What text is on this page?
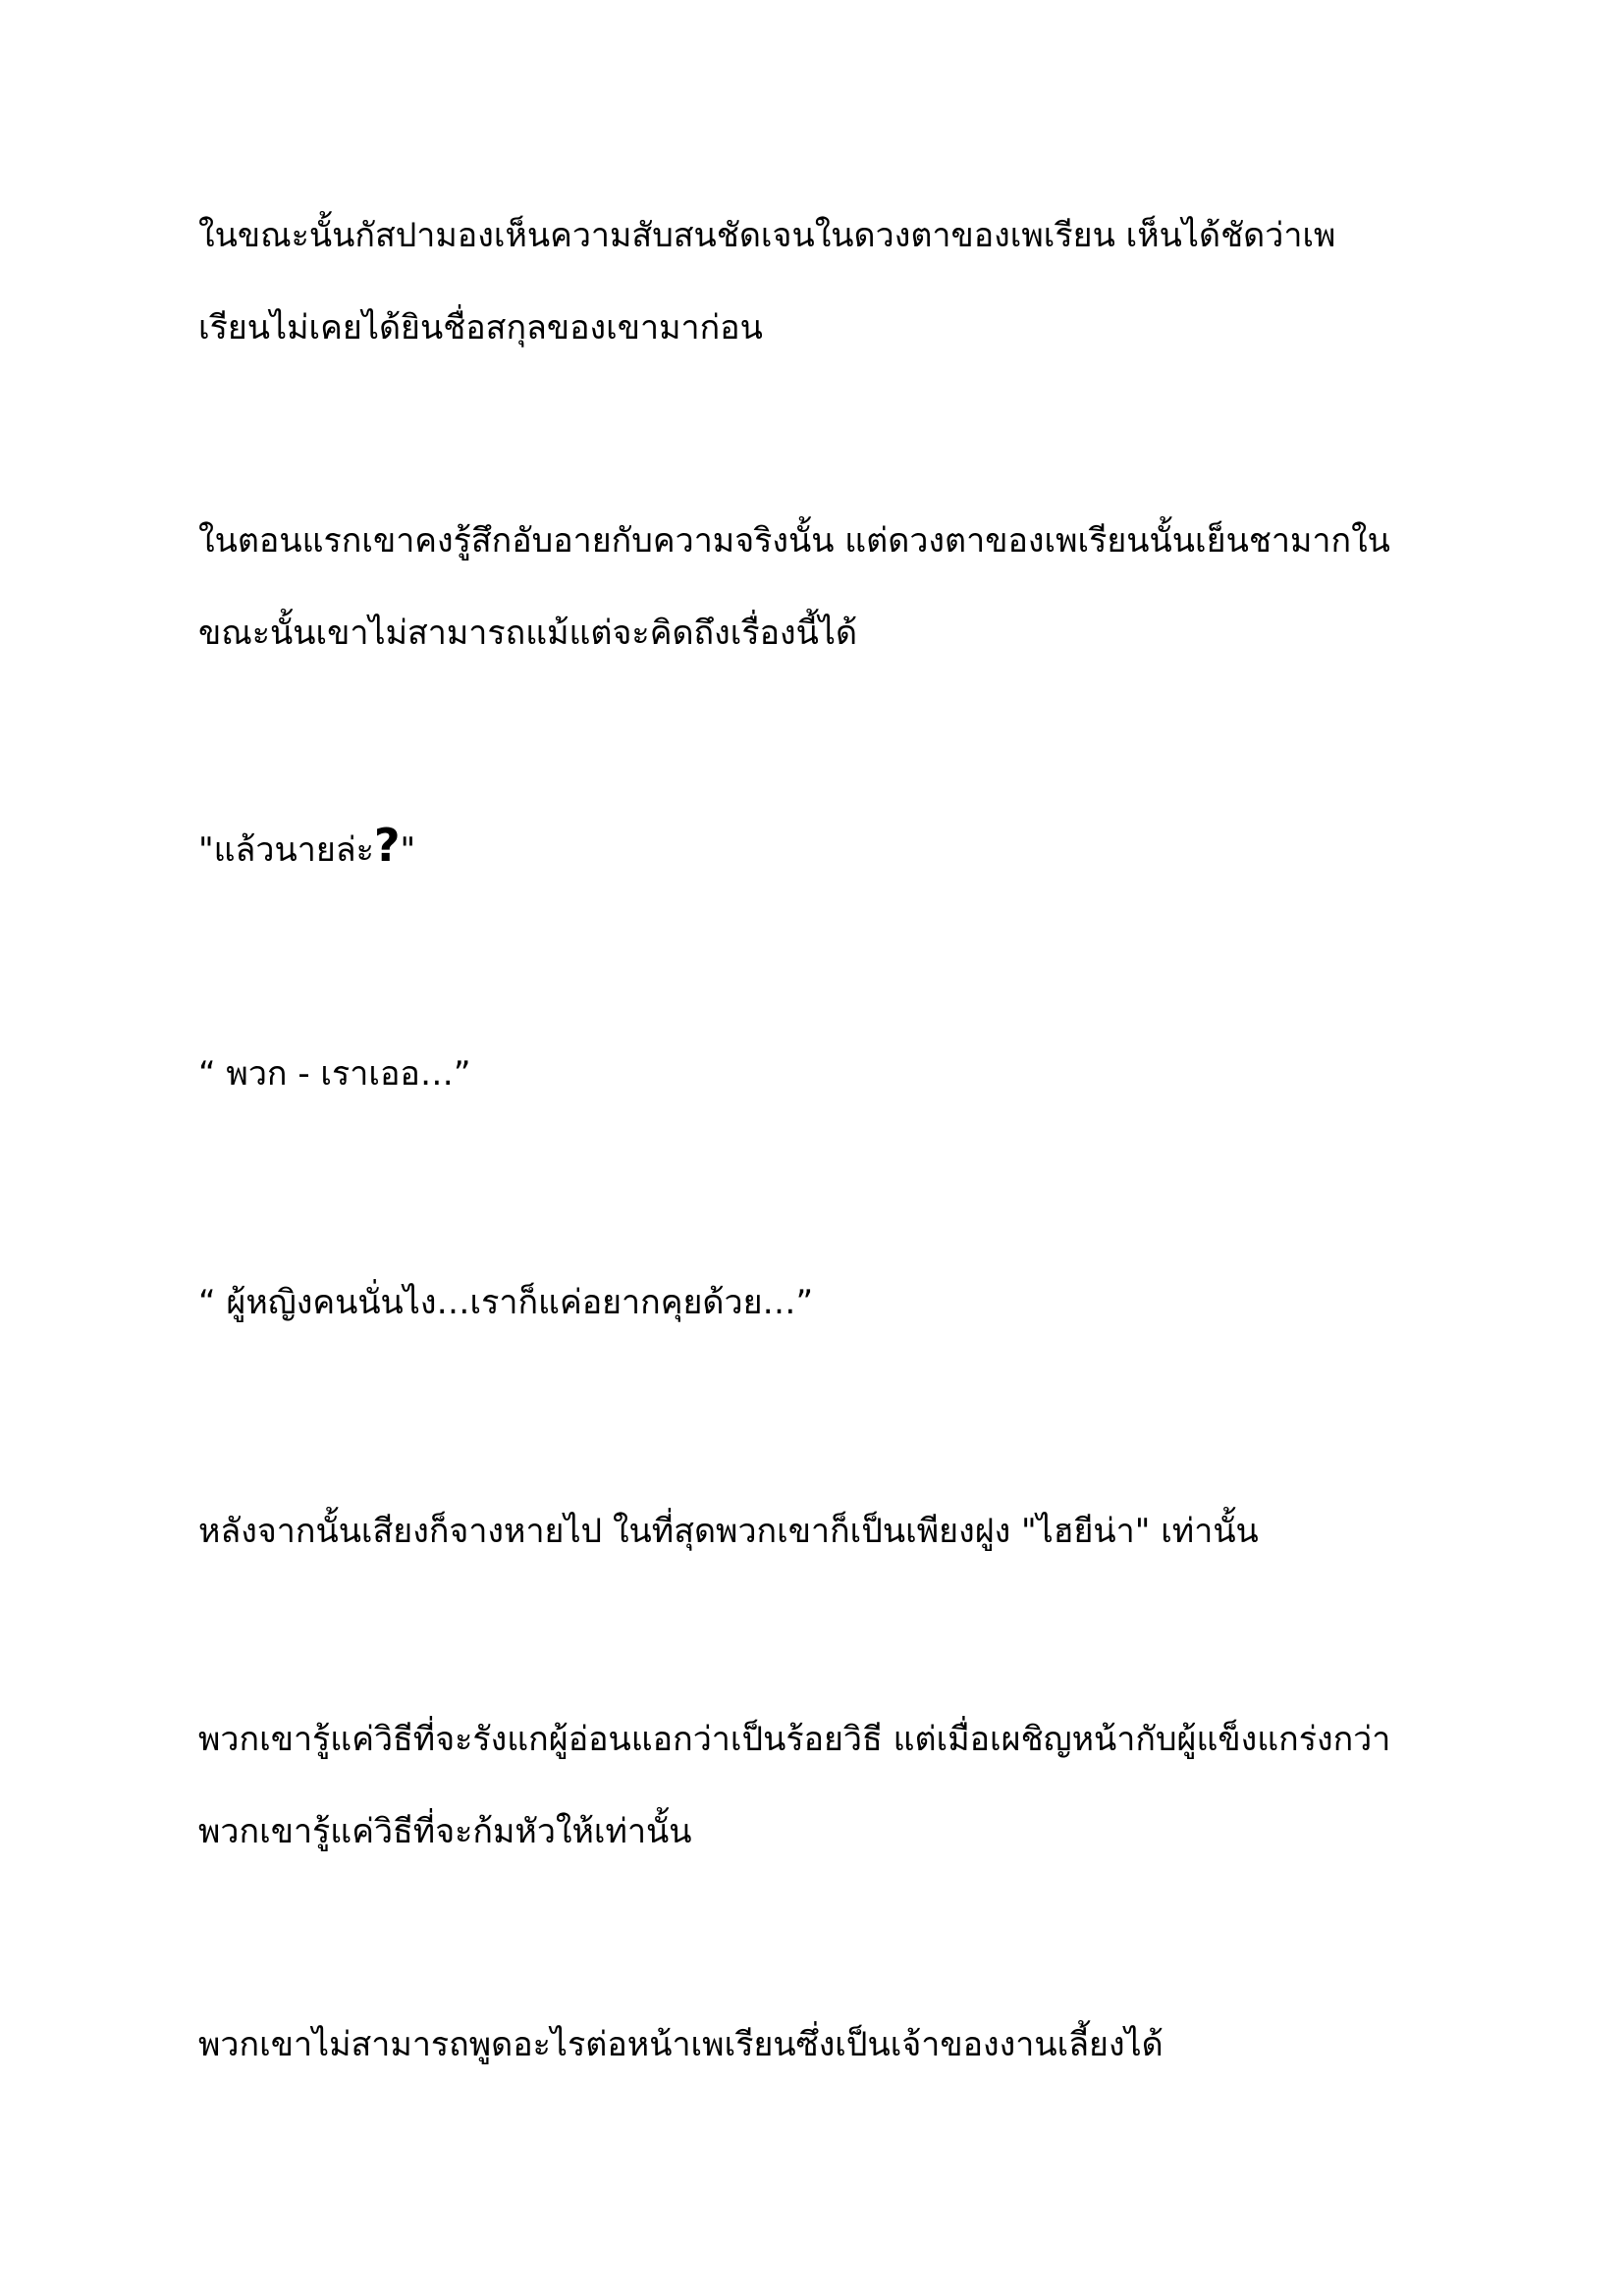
ในขณะนั้นกัสปามองเห็นความสับสนชัดเจนในดวงตาของเพเรียน เห็นได้ชัดว่าเพ
เรียนไม่เคยได้ยินชื่อสกุลของเขามาก่อน

ในตอนแรกเขาคงรู้สึกอับอายกับความจริงนั้น แต่ดวงตาของเพเรียนนั้นเย็นชามากใน
ขณะนั้นเขาไม่สามารถแม้แต่จะคิดถึงเรื่องนี้ได้

"แล้วนายล่ะ?"

“ พวก - เราเออ…”

“ ผู้หญิงคนนั่นไง…เราก็แค่อยากคุยด้วย…”

หลังจากนั้นเสียงก็จางหายไป ในที่สุดพวกเขาก็เป็นเพียงฝูง "ไฮยีน่า" เท่านั้น

พวกเขารู้แค่วิธีที่จะรังแกผู้อ่อนแอกว่าเป็นร้อยวิธี แต่เมื่อเผชิญหน้ากับผู้แข็งแกร่งกว่า
พวกเขารู้แค่วิธีที่จะก้มหัวให้เท่านั้น

พวกเขาไม่สามารถพูดอะไรต่อหน้าเพเรียนซึ่งเป็นเจ้าของงานเลี้ยงได้
